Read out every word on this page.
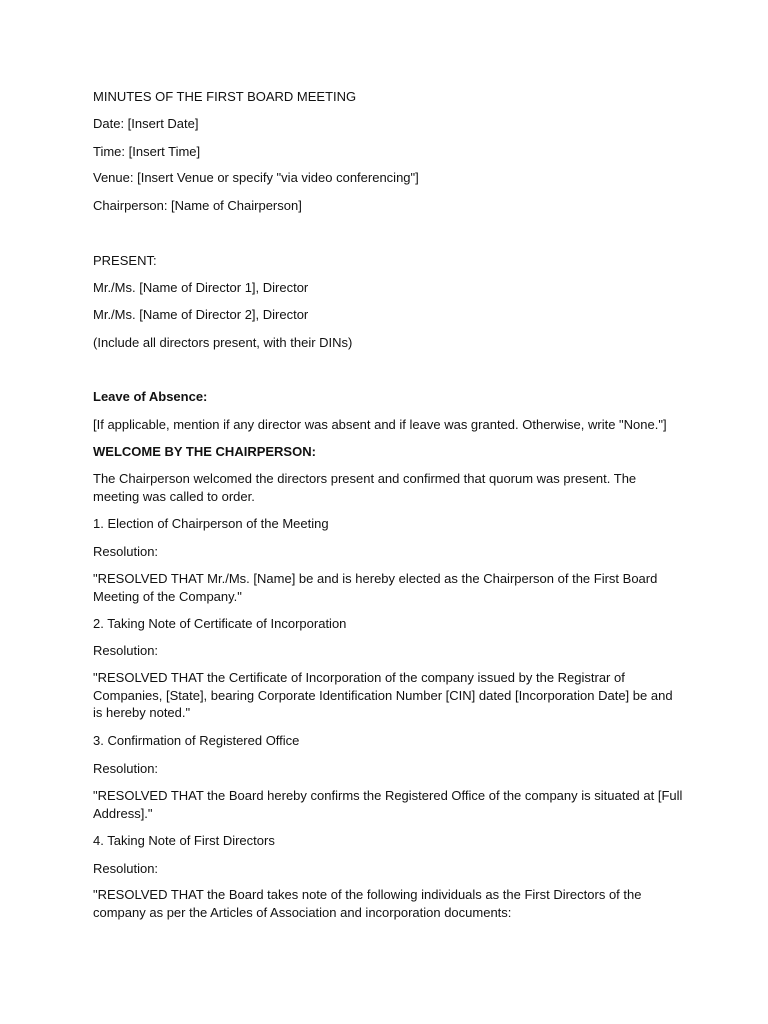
MINUTES OF THE FIRST BOARD MEETING
Date: [Insert Date]
Time: [Insert Time]
Venue: [Insert Venue or specify "via video conferencing"]
Chairperson: [Name of Chairperson]
PRESENT:
Mr./Ms. [Name of Director 1], Director
Mr./Ms. [Name of Director 2], Director
(Include all directors present, with their DINs)
Leave of Absence:
[If applicable, mention if any director was absent and if leave was granted. Otherwise, write "None."]
WELCOME BY THE CHAIRPERSON:
The Chairperson welcomed the directors present and confirmed that quorum was present. The meeting was called to order.
1. Election of Chairperson of the Meeting
Resolution:
"RESOLVED THAT Mr./Ms. [Name] be and is hereby elected as the Chairperson of the First Board Meeting of the Company."
2. Taking Note of Certificate of Incorporation
Resolution:
"RESOLVED THAT the Certificate of Incorporation of the company issued by the Registrar of Companies, [State], bearing Corporate Identification Number [CIN] dated [Incorporation Date] be and is hereby noted."
3. Confirmation of Registered Office
Resolution:
"RESOLVED THAT the Board hereby confirms the Registered Office of the company is situated at [Full Address]."
4. Taking Note of First Directors
Resolution:
"RESOLVED THAT the Board takes note of the following individuals as the First Directors of the company as per the Articles of Association and incorporation documents:
